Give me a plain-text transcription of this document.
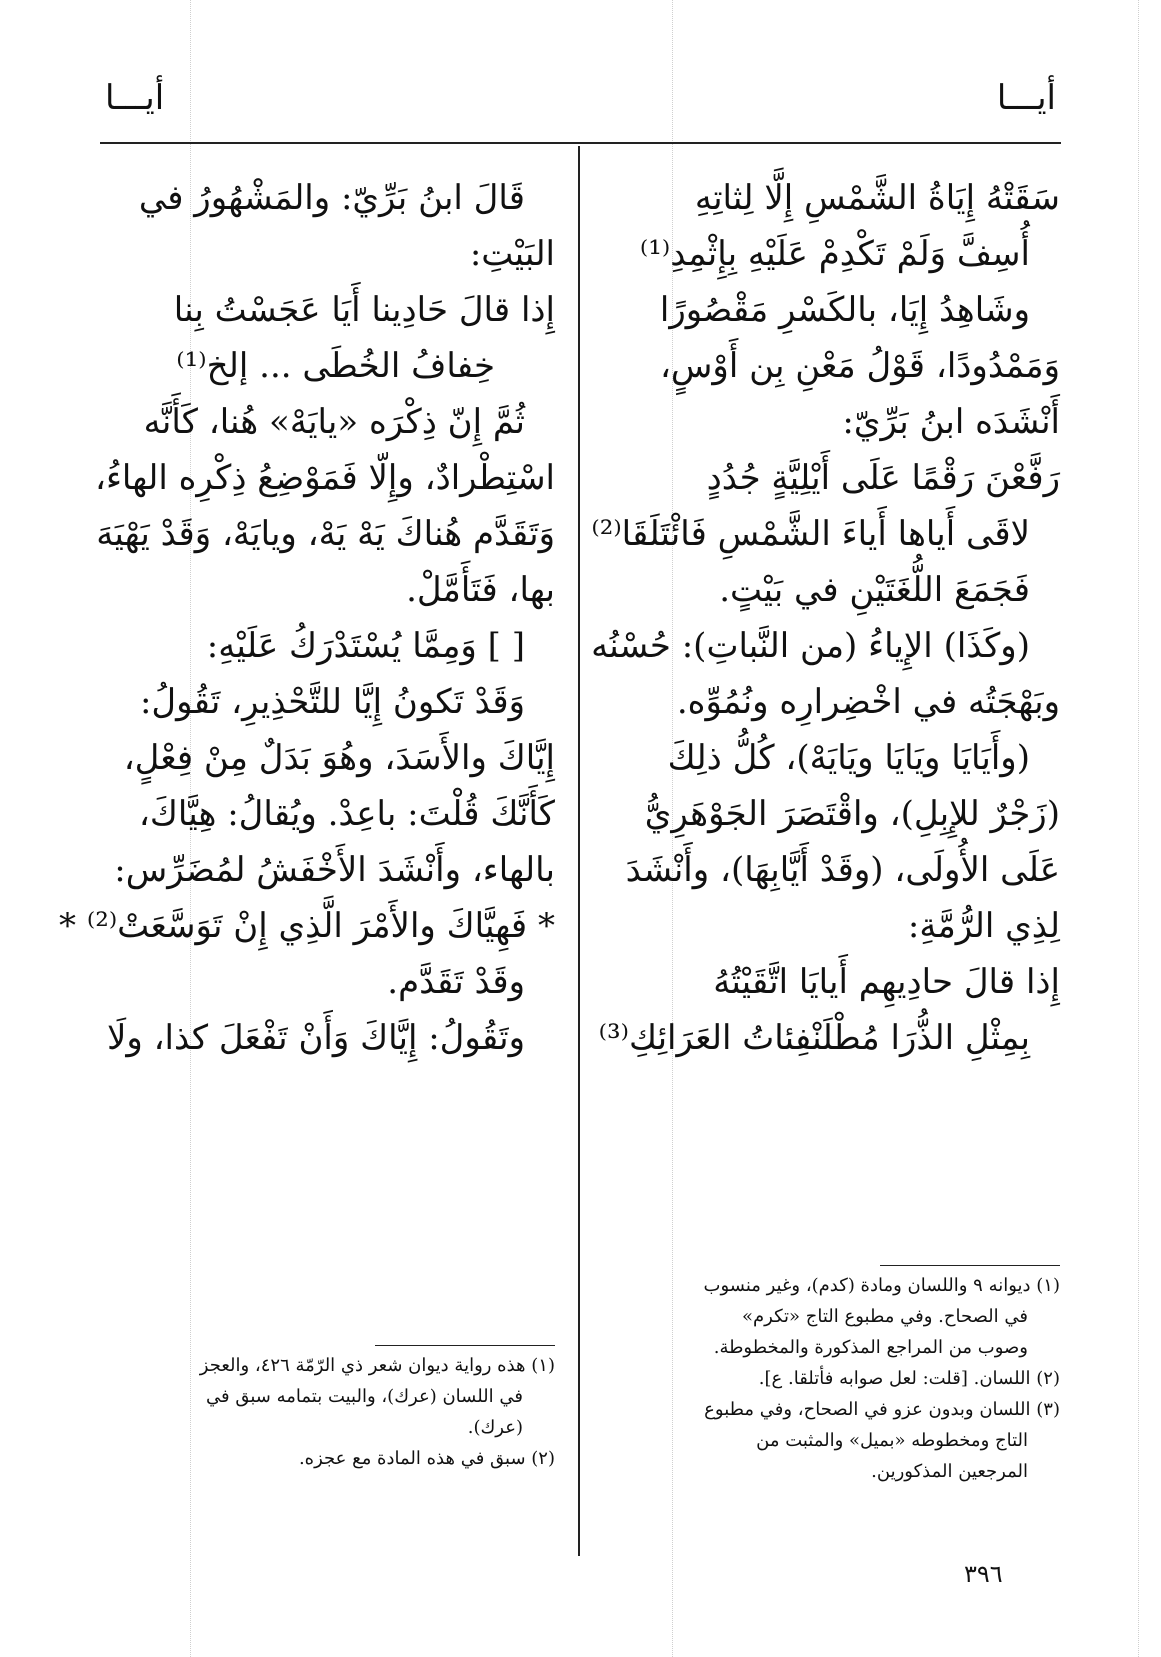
أيـــا
أيـــا
سَقَتْهُ إِيَاةُ الشَّمْسِ إِلَّا لِثاتِهِ
أُسِفَّ وَلَمْ تَكْدِمْ عَلَيْهِ بِإِثْمِدِ⁽¹⁾
وشَاهِدُ إِيَا، بالكَسْرِ مَقْصُورًا
وَمَمْدُودًا، قَوْلُ مَعْنِ بِن أَوْسٍ،
أَنْشَدَه ابنُ بَرِّيّ:
رَفَّعْنَ رَقْمًا عَلَى أَيْلِيَّةٍ جُدُدٍ
لاقَى أَياها أَياءَ الشَّمْسِ فَائْتَلَقَا⁽²⁾
فَجَمَعَ اللُّغَتَيْنِ في بَيْتٍ.
(وكَذَا) الإِياءُ (من النَّباتِ): حُسْنُه
وبَهْجَتُه في اخْضِرارِه ونُمُوِّه.
(وأَيَايَا ويَايَا ويَايَهْ)، كُلُّ ذلِكَ
(زَجْرٌ للإِبِلِ)، واقْتَصَرَ الجَوْهَرِيُّ
عَلَى الأُولَى، (وقَدْ أَيَّابِهَا)، وأَنْشَدَ
لِذِي الرُّمَّةِ:
إِذا قالَ حادِيهِم أَيايَا اتَّقَيْتُهُ
بِمِثْلِ الذُّرَا مُطْلَنْفِئاتُ العَرَائِكِ⁽³⁾
قَالَ ابنُ بَرِّيّ: والمَشْهُورُ في
البَيْتِ:
إِذا قالَ حَادِينا أَيَا عَجَسْتُ بِنا
خِفافُ الخُطَى ... إلخ⁽¹⁾
ثُمَّ إِنّ ذِكْرَه «يايَهْ» هُنا، كَأَنَّه
اسْتِطْرادٌ، وإِلّا فَمَوْضِعُ ذِكْرِه الهاءُ،
وَتَقَدَّم هُناكَ يَهْ يَهْ، ويايَهْ، وَقَدْ يَهْيَهَ
بها، فَتَأَمَّلْ.
[ ] وَمِمَّا يُسْتَدْرَكُ عَلَيْهِ:
وَقَدْ تَكونُ إِيَّا للتَّحْذِيرِ، تَقُولُ:
إِيَّاكَ والأَسَدَ، وهُوَ بَدَلٌ مِنْ فِعْلٍ،
كَأَنَّكَ قُلْتَ: باعِدْ. ويُقالُ: هِيَّاكَ،
بالهاء، وأَنْشَدَ الأَخْفَشُ لمُضَرِّس:
* فَهِيَّاكَ والأَمْرَ الَّذِي إِنْ تَوَسَّعَتْ⁽²⁾ *
وقَدْ تَقَدَّم.
وتَقُولُ: إِيَّاكَ وَأَنْ تَفْعَلَ كذا، ولَا
(١) ديوانه ٩ واللسان ومادة (كدم)، وغير منسوب
في الصحاح. وفي مطبوع التاج «تكرم»
وصوب من المراجع المذكورة والمخطوطة.
(٢) اللسان. [قلت: لعل صوابه فأتلقا. ع].
(٣) اللسان وبدون عزو في الصحاح، وفي مطبوع
التاج ومخطوطه «بميل» والمثبت من
المرجعين المذكورين.
(١) هذه رواية ديوان شعر ذي الرّمّة ٤٢٦، والعجز
في اللسان (عرك)، والبيت بتمامه سبق في
(عرك).
(٢) سبق في هذه المادة مع عجزه.
٣٩٦
